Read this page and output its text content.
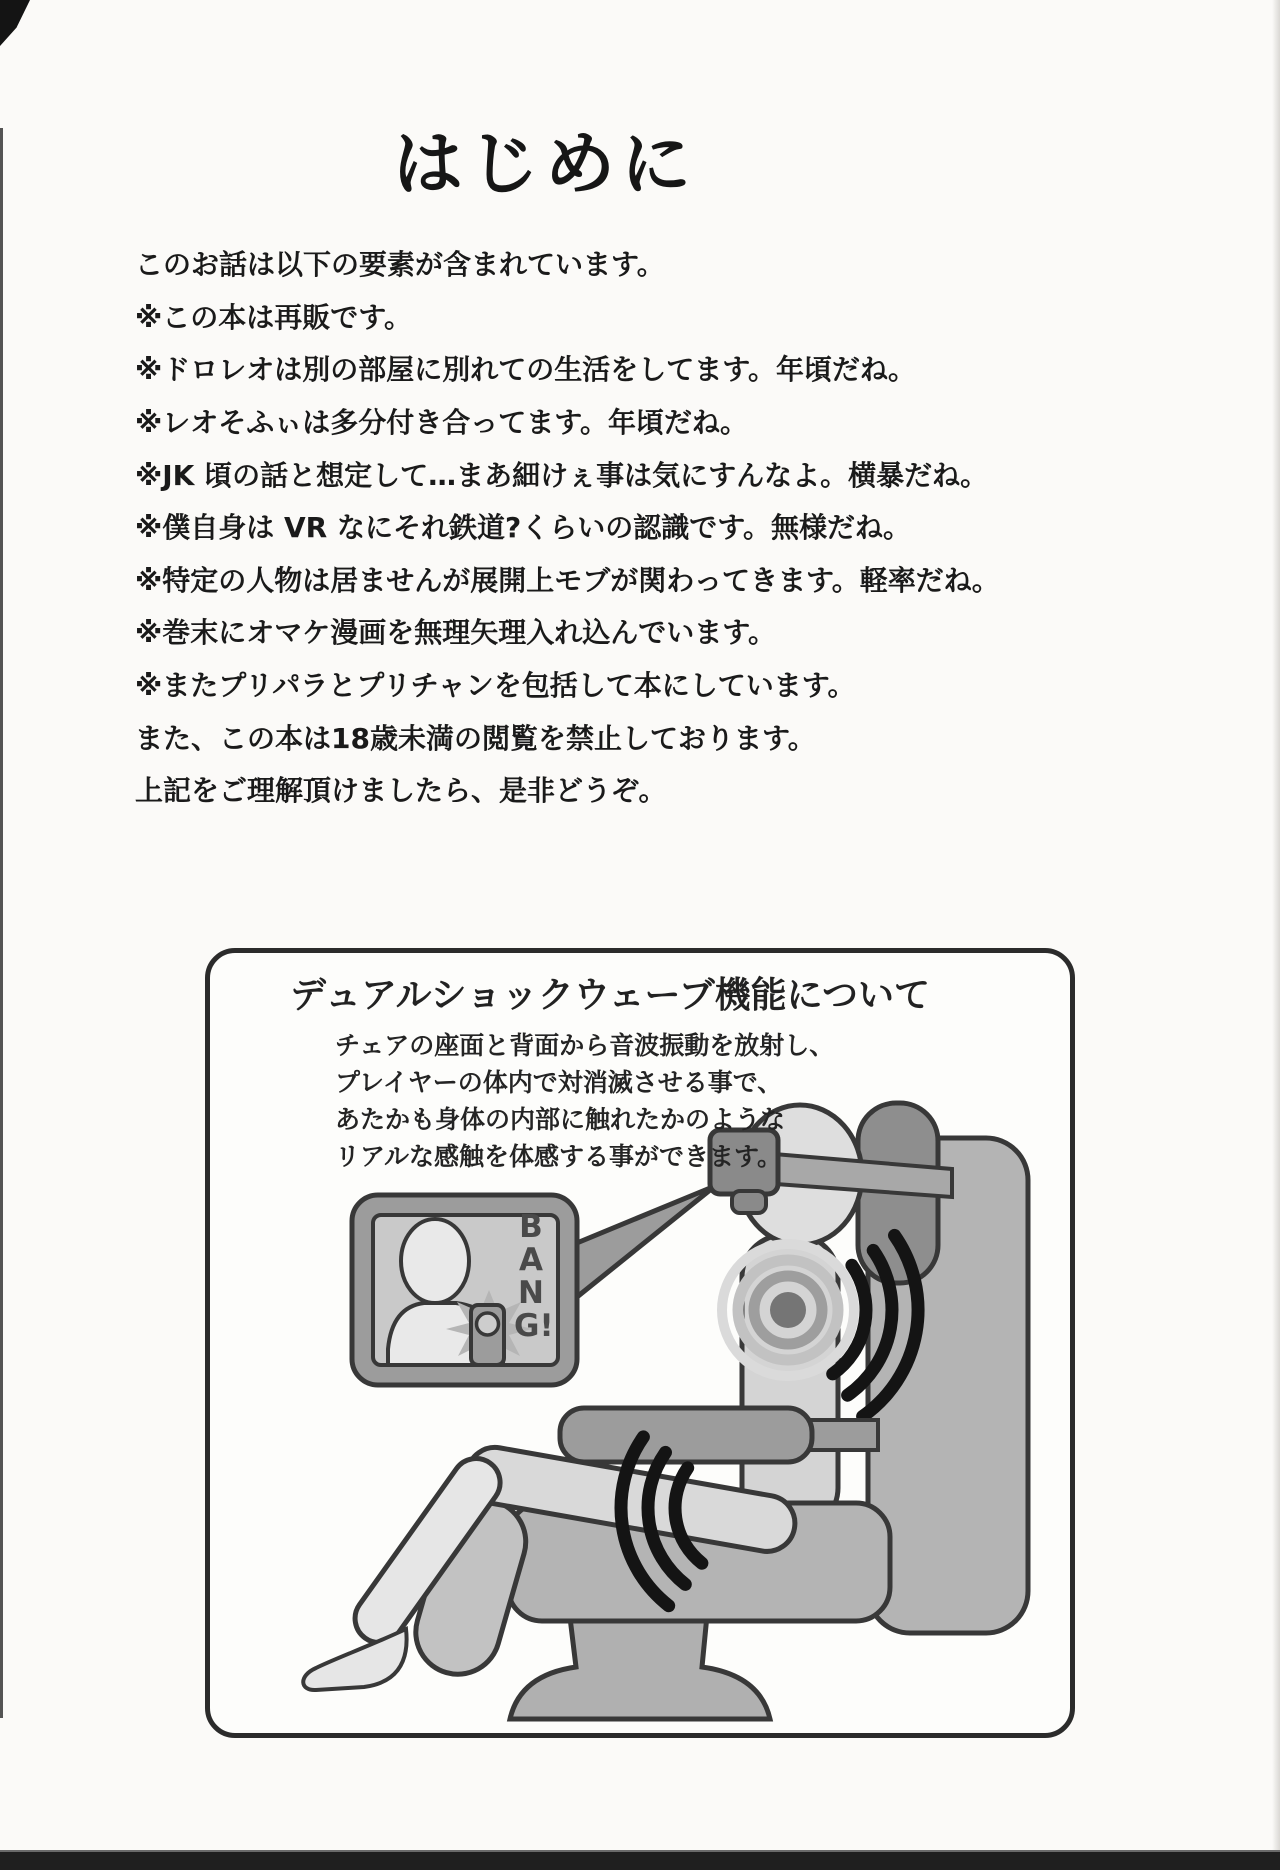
はじめに

このお話は以下の要素が含まれています。

※この本は再販です。

※ドロレオは別の部屋に別れての生活をしてます。年頃だね。

※レオそふぃは多分付き合ってます。年頃だね。

※JK 頃の話と想定して…まあ細けぇ事は気にすんなよ。横暴だね。

※僕自身は VR なにそれ鉄道?くらいの認識です。無様だね。

※特定の人物は居ませんが展開上モブが関わってきます。軽率だね。

※巻末にオマケ漫画を無理矢理入れ込んでいます。

※またプリパラとプリチャンを包括して本にしています。

また、この本は18歳未満の閲覧を禁止しております。

上記をご理解頂けましたら、是非どうぞ。

デュアルショックウェーブ機能について

チェアの座面と背面から音波振動を放射し、

プレイヤーの体内で対消滅させる事で、

あたかも身体の内部に触れたかのような

リアルな感触を体感する事ができます。

BANG!
